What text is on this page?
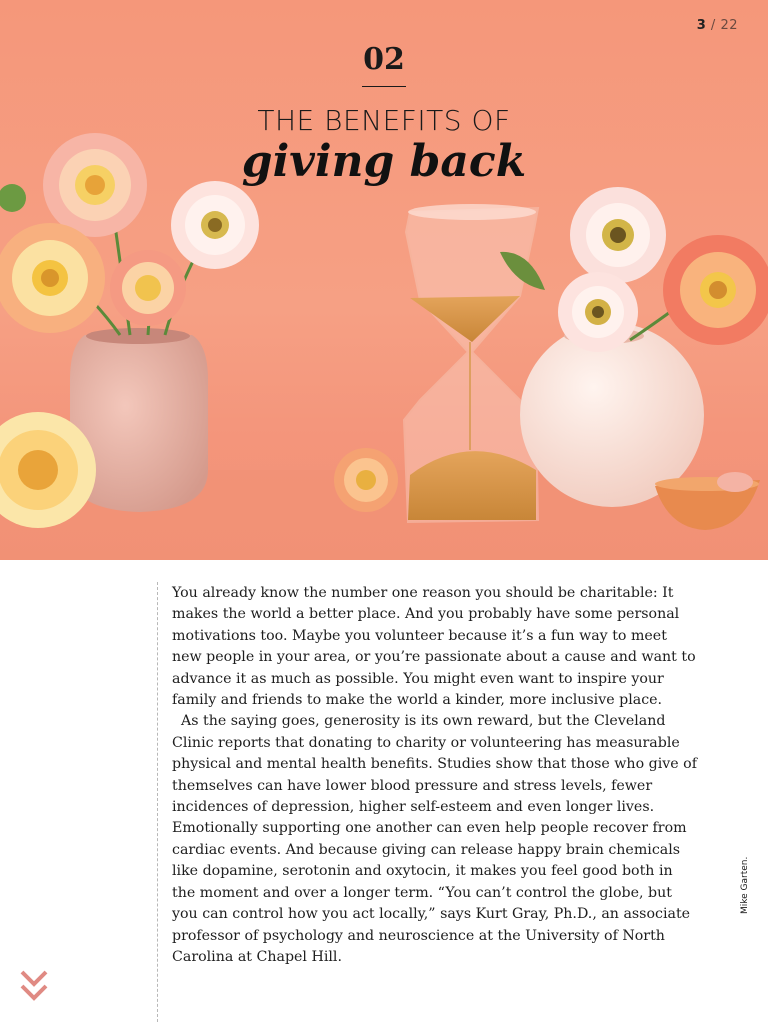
3 / 22
02
THE BENEFITS OF
giving back

You already know the number one reason you should be charitable: It makes the world a better place. And you probably have some personal motivations too. Maybe you volunteer because it’s a fun way to meet new people in your area, or you’re passionate about a cause and want to advance it as much as possible. You might even want to inspire your family and friends to make the world a kinder, more inclusive place.

As the saying goes, generosity is its own reward, but the Cleveland Clinic reports that donating to charity or volunteering has measurable physical and mental health benefits. Studies show that those who give of themselves can have lower blood pressure and stress levels, fewer incidences of depression, higher self-esteem and even longer lives. Emotionally supporting one another can even help people recover from cardiac events. And because giving can release happy brain chemicals like dopamine, serotonin and oxytocin, it makes you feel good both in the moment and over a longer term. “You can’t control the globe, but you can control how you act locally,” says Kurt Gray, Ph.D., an associate professor of psychology and neuroscience at the University of North Carolina at Chapel Hill.

Mike Garten.
